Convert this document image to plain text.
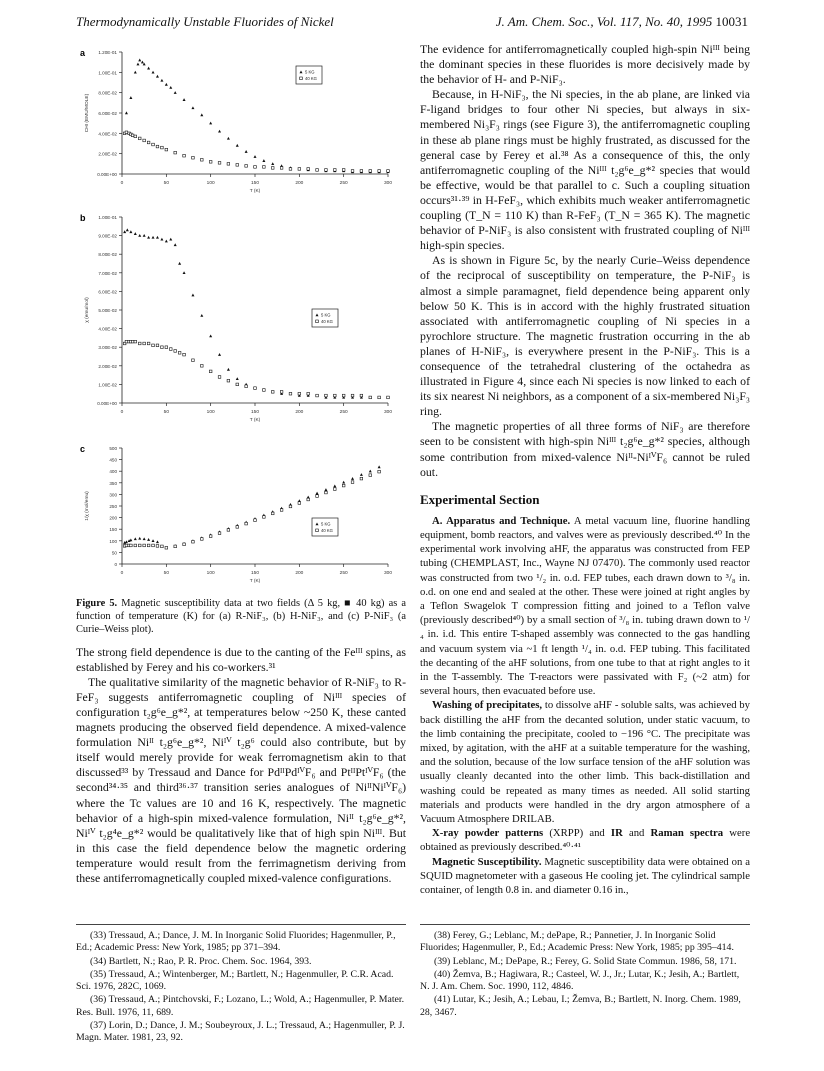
Thermodynamically Unstable Fluorides of Nickel	J. Am. Chem. Soc., Vol. 117, No. 40, 1995 10031
a
0.00E+00
2.00E-02
4.00E-02
6.00E-02
8.00E-02
1.00E-01
1.20E-01
0	50	100	150	200	250	300
T (K)
CHI (EMU/MOLE)
5 KG
40 KG

b
0.00E+00
1.00E-02
2.00E-02
3.00E-02
4.00E-02
5.00E-02
6.00E-02
7.00E-02
8.00E-02
9.00E-02
1.00E-01
0	50	100	150	200	250	300
T (K)
χ (emu/mol)	5 KG
40 KG

c
0
50
100
150
200
250
300
350
400
450
500
0	50	100	150	200	250	300
T (K)
1/χ (mol/emu)
5 KG
40 KG
Figure 5. Magnetic susceptibility data at two fields (Δ 5 kg, ■ 40 kg) as a function of temperature (K) for (a) R-NiF₃, (b) H-NiF₃, and (c) P-NiF₃ (a Curie–Weiss plot).

The strong field dependence is due to the canting of the Feᴵᴵᴵ spins, as established by Ferey and his co-workers.³¹

The qualitative similarity of the magnetic behavior of R-NiF₃ to R-FeF₃ suggests antiferromagnetic coupling of Niᴵᴵᴵ species of configuration t₂g⁶e_g*², at temperatures below ~250 K, these canted magnets producing the observed field dependence. A mixed-valence formulation Niᴵᴵ t₂g⁶e_g*², Niᴵⱽ t₂g⁶ could also contribute, but by itself would merely provide for weak ferromagnetism akin to that discussed³³ by Tressaud and Dance for PdᴵᴵPdᴵⱽF₆ and PtᴵᴵPtᴵⱽF₆ (the second³⁴·³⁵ and third³⁶·³⁷ transition series analogues of NiᴵᴵNiᴵⱽF₆) where the Tc values are 10 and 16 K, respectively. The magnetic behavior of a high-spin mixed-valence formulation, Niᴵᴵ t₂g⁶e_g*², Niᴵⱽ t₂g⁴e_g*² would be qualitatively like that of high spin Niᴵᴵᴵ. But in this case the field dependence below the magnetic ordering temperature would result from the ferrimagnetism deriving from these antiferromagnetically coupled mixed-valence configurations.

The evidence for antiferromagnetically coupled high-spin Niᴵᴵᴵ being the dominant species in these fluorides is more decisively made by the behavior of H- and P-NiF₃.

Because, in H-NiF₃, the Ni species, in the ab plane, are linked via F-ligand bridges to four other Ni species, but always in six-membered Ni₃F₃ rings (see Figure 3), the antiferromagnetic coupling in these ab plane rings must be highly frustrated, as discussed for the general case by Ferey et al.³⁸ As a consequence of this, the only antiferromagnetic coupling of the Niᴵᴵᴵ t₂g⁶e_g*² species that would be effective, would be that parallel to c. Such a coupling situation occurs³¹·³⁹ in H-FeF₃, which exhibits much weaker antiferromagnetic coupling (T_N = 110 K) than R-FeF₃ (T_N = 365 K). The magnetic behavior of P-NiF₃ is also consistent with frustrated coupling of Niᴵᴵᴵ high-spin species.

As is shown in Figure 5c, by the nearly Curie–Weiss dependence of the reciprocal of susceptibility on temperature, the P-NiF₃ is almost a simple paramagnet, field dependence being apparent only below 50 K. This is in accord with the highly frustrated situation associated with antiferromagnetic coupling of Ni species in a pyrochlore structure. The magnetic frustration occurring in the ab planes of H-NiF₃, is everywhere present in the P-NiF₃. This is a consequence of the tetrahedral clustering of the octahedra as illustrated in Figure 4, since each Ni species is now linked to each of its six nearest Ni neighbors, as a component of a six-membered Ni₃F₃ ring.

The magnetic properties of all three forms of NiF₃ are therefore seen to be consistent with high-spin Niᴵᴵᴵ t₂g⁶e_g*² species, although some contribution from mixed-valence Niᴵᴵ-NiᴵⱽF₆ cannot be ruled out.

Experimental Section

A. Apparatus and Technique. A metal vacuum line, fluorine handling equipment, bomb reactors, and valves were as previously described.⁴⁰ In the experimental work involving aHF, the apparatus was constructed from FEP tubing (CHEMPLAST, Inc., Wayne NJ 07470). The commonly used reactor was constructed from two ¹/₂ in. o.d. FEP tubes, each drawn down to ³/₈ in. o.d. on one end and sealed at the other. These were joined at right angles by a Teflon Swagelok T compression fitting and joined to a Teflon valve (previously described⁴⁰) by a small section of ³/₈ in. tubing drawn down to ¹/₄ in. i.d. This entire T-shaped assembly was connected to the gas handling and vacuum system via ~1 ft length ¹/₄ in. o.d. FEP tubing. This facilitated the decanting of the aHF solutions, from one tube to that at right angles to it in the T-assembly. The T-reactors were passivated with F₂ (~2 atm) for several hours, then evacuated before use.

Washing of precipitates, to dissolve aHF - soluble salts, was achieved by back distilling the aHF from the decanted solution, under static vacuum, to the limb containing the precipitate, cooled to −196 °C. The precipitate was mixed, by agitation, with the aHF at a suitable temperature for the washing, and the solution, because of the low surface tension of the aHF solution was usually cleanly decanted into the other limb. This back-distillation and washing could be repeated as many times as needed. All solid starting materials and products were handled in the dry argon atmosphere of a Vacuum Atmosphere DRILAB.

X-ray powder patterns (XRPP) and IR and Raman spectra were obtained as previously described.⁴⁰·⁴¹

Magnetic Susceptibility. Magnetic susceptibility data were obtained on a SQUID magnetometer with a gaseous He cooling jet. The cylindrical sample container, of length 0.8 in. and diameter 0.16 in.,

(33) Tressaud, A.; Dance, J. M. In Inorganic Solid Fluorides; Hagenmuller, P., Ed.; Academic Press: New York, 1985; pp 371–394.

(34) Bartlett, N.; Rao, P. R. Proc. Chem. Soc. 1964, 393.

(35) Tressaud, A.; Wintenberger, M.; Bartlett, N.; Hagenmuller, P. C.R. Acad. Sci. 1976, 282C, 1069.

(36) Tressaud, A.; Pintchovski, F.; Lozano, L.; Wold, A.; Hagenmuller, P. Mater. Res. Bull. 1976, 11, 689.

(37) Lorin, D.; Dance, J. M.; Soubeyroux, J. L.; Tressaud, A.; Hagenmuller, P. J. Magn. Mater. 1981, 23, 92.

(38) Ferey, G.; Leblanc, M.; dePape, R.; Pannetier, J. In Inorganic Solid Fluorides; Hagenmuller, P., Ed.; Academic Press: New York, 1985; pp 395–414.

(39) Leblanc, M.; DePape, R.; Ferey, G. Solid State Commun. 1986, 58, 171.

(40) Žemva, B.; Hagiwara, R.; Casteel, W. J., Jr.; Lutar, K.; Jesih, A.; Bartlett, N. J. Am. Chem. Soc. 1990, 112, 4846.

(41) Lutar, K.; Jesih, A.; Lebau, I.; Žemva, B.; Bartlett, N. Inorg. Chem. 1989, 28, 3467.
